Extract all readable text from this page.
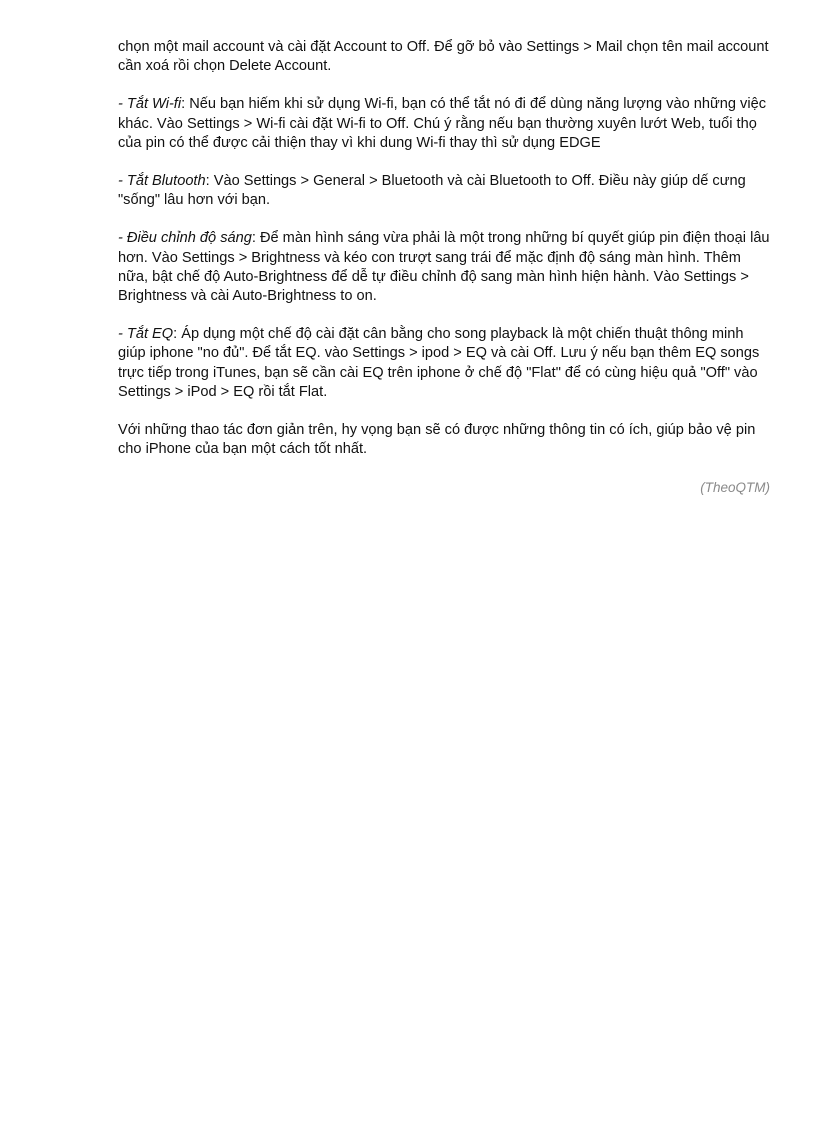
chọn một mail account và cài đặt Account to Off. Để gỡ bỏ vào Settings > Mail chọn tên mail account cần xoá rồi chọn Delete Account.

- Tắt Wi-fi: Nếu bạn hiếm khi sử dụng Wi-fi, bạn có thể tắt nó đi để dùng năng lượng vào những việc khác. Vào Settings > Wi-fi cài đặt Wi-fi to Off. Chú ý rằng nếu bạn thường xuyên lướt Web, tuổi thọ của pin có thể được cải thiện thay vì khi dung Wi-fi thay thì sử dụng EDGE

- Tắt Blutooth: Vào Settings > General > Bluetooth và cài Bluetooth to Off. Điều này giúp dế cưng "sống" lâu hơn với bạn.

- Điều chỉnh độ sáng: Để màn hình sáng vừa phải là một trong những bí quyết giúp pin điện thoại lâu hơn. Vào Settings > Brightness và kéo con trượt sang trái để mặc định độ sáng màn hình. Thêm nữa, bật chế độ Auto-Brightness để dễ tự điều chỉnh độ sang màn hình hiện hành. Vào Settings > Brightness và cài Auto-Brightness to on.

- Tắt EQ: Áp dụng một chế độ cài đặt cân bằng cho song playback là một chiến thuật thông minh giúp iphone "no đủ". Để tắt EQ. vào Settings > ipod > EQ và cài Off. Lưu ý nếu bạn thêm EQ songs trực tiếp trong iTunes, bạn sẽ cần cài EQ trên iphone ở chế độ "Flat" để có cùng hiệu quả "Off" vào Settings > iPod > EQ rồi tắt Flat.

Với những thao tác đơn giản trên, hy vọng bạn sẽ có được những thông tin có ích, giúp bảo vệ pin cho iPhone của bạn một cách tốt nhất.

(TheoQTM)
